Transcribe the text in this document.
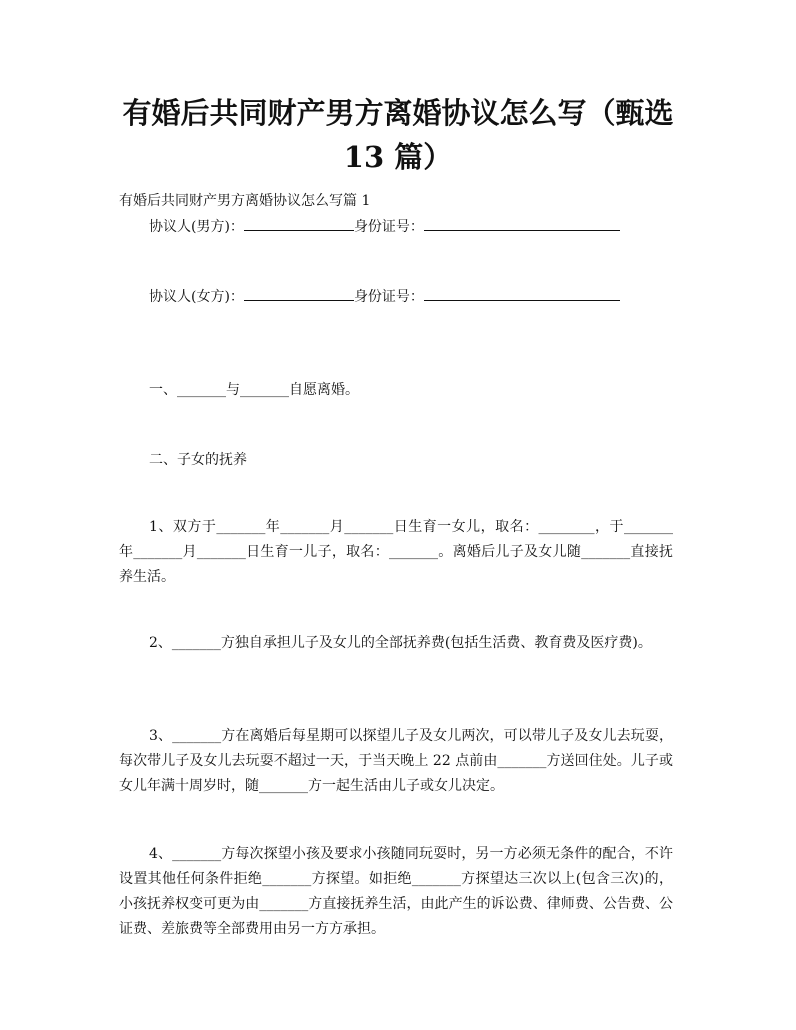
有婚后共同财产男方离婚协议怎么写（甄选
13 篇）
有婚后共同财产男方离婚协议怎么写篇 1
协议人(男方)：	身份证号：
协议人(女方)：	身份证号：
一、_______与_______自愿离婚。
二、子女的抚养

1、双方于_______年_______月_______日生育一女儿，取名：________，于_______年_______月_______日生育一儿子，取名：_______。离婚后儿子及女儿随_______直接抚养生活。

2、_______方独自承担儿子及女儿的全部抚养费(包括生活费、教育费及医疗费)。

3、_______方在离婚后每星期可以探望儿子及女儿两次，可以带儿子及女儿去玩耍，每次带儿子及女儿去玩耍不超过一天，于当天晚上 22 点前由_______方送回住处。儿子或女儿年满十周岁时，随_______方一起生活由儿子或女儿决定。

4、_______方每次探望小孩及要求小孩随同玩耍时，另一方必须无条件的配合，不许设置其他任何条件拒绝_______方探望。如拒绝_______方探望达三次以上(包含三次)的，小孩抚养权变可更为由_______方直接抚养生活，由此产生的诉讼费、律师费、公告费、公证费、差旅费等全部费用由另一方方承担。
